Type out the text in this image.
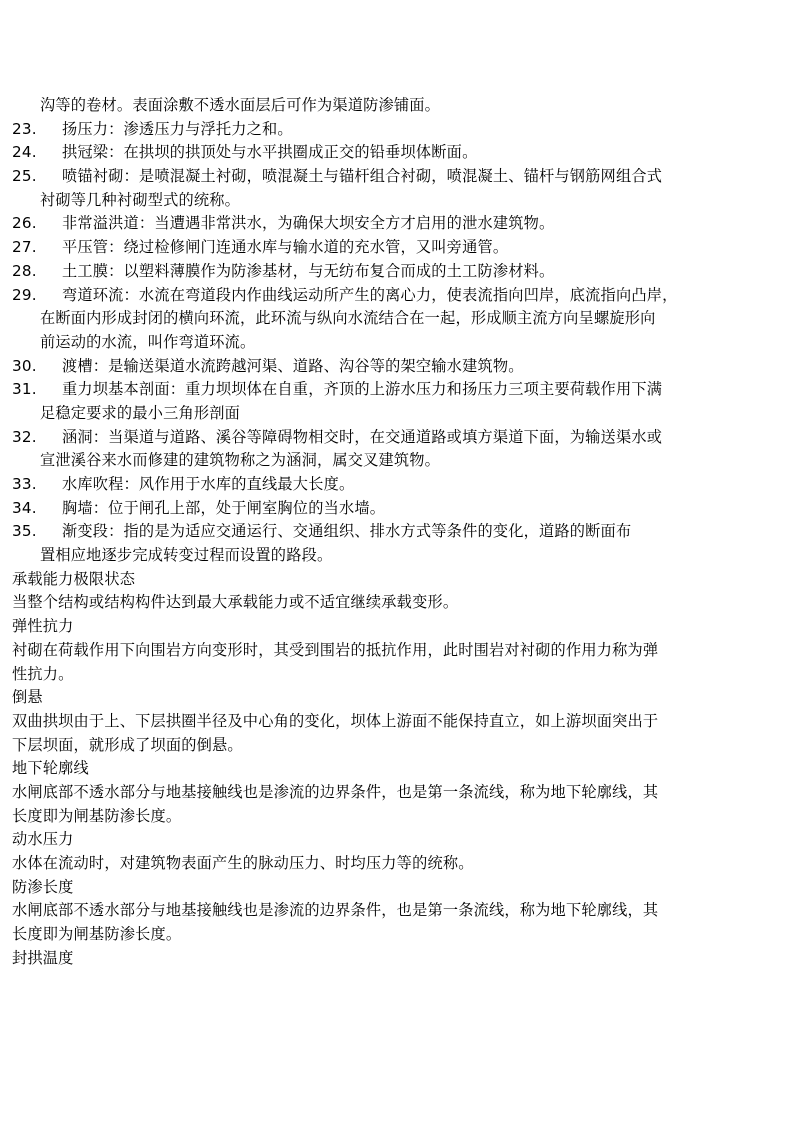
沟等的卷材。表面涂敷不透水面层后可作为渠道防渗铺面。
23.	扬压力：渗透压力与浮托力之和。
24.	拱冠梁：在拱坝的拱顶处与水平拱圈成正交的铅垂坝体断面。
25.	喷锚衬砌：是喷混凝土衬砌，喷混凝土与锚杆组合衬砌，喷混凝土、锚杆与钢筋网组合式
衬砌等几种衬砌型式的统称。
26.	非常溢洪道：当遭遇非常洪水，为确保大坝安全方才启用的泄水建筑物。
27.	平压管：绕过检修闸门连通水库与输水道的充水管，又叫旁通管。
28.	土工膜：以塑料薄膜作为防渗基材，与无纺布复合而成的土工防渗材料。
29.	弯道环流：水流在弯道段内作曲线运动所产生的离心力，使表流指向凹岸，底流指向凸岸，
在断面内形成封闭的横向环流，此环流与纵向水流结合在一起，形成顺主流方向呈螺旋形向
前运动的水流，叫作弯道环流。
30.	渡槽：是输送渠道水流跨越河渠、道路、沟谷等的架空输水建筑物。
31.	重力坝基本剖面：重力坝坝体在自重，齐顶的上游水压力和扬压力三项主要荷载作用下满
足稳定要求的最小三角形剖面
32.	涵洞：当渠道与道路、溪谷等障碍物相交时，在交通道路或填方渠道下面，为输送渠水或
宣泄溪谷来水而修建的建筑物称之为涵洞，属交叉建筑物。
33.	水库吹程：风作用于水库的直线最大长度。
34.	胸墙：位于闸孔上部，处于闸室胸位的当水墙。
35.	渐变段：指的是为适应交通运行、交通组织、排水方式等条件的变化，道路的断面布
置相应地逐步完成转变过程而设置的路段。
承载能力极限状态
当整个结构或结构构件达到最大承载能力或不适宜继续承载变形。
弹性抗力
衬砌在荷载作用下向围岩方向变形时，其受到围岩的抵抗作用，此时围岩对衬砌的作用力称为弹
性抗力。
倒悬
双曲拱坝由于上、下层拱圈半径及中心角的变化，坝体上游面不能保持直立，如上游坝面突出于
下层坝面，就形成了坝面的倒悬。
地下轮廓线
水闸底部不透水部分与地基接触线也是渗流的边界条件，也是第一条流线，称为地下轮廓线，其
长度即为闸基防渗长度。
动水压力
水体在流动时，对建筑物表面产生的脉动压力、时均压力等的统称。
防渗长度
水闸底部不透水部分与地基接触线也是渗流的边界条件，也是第一条流线，称为地下轮廓线，其
长度即为闸基防渗长度。
封拱温度
